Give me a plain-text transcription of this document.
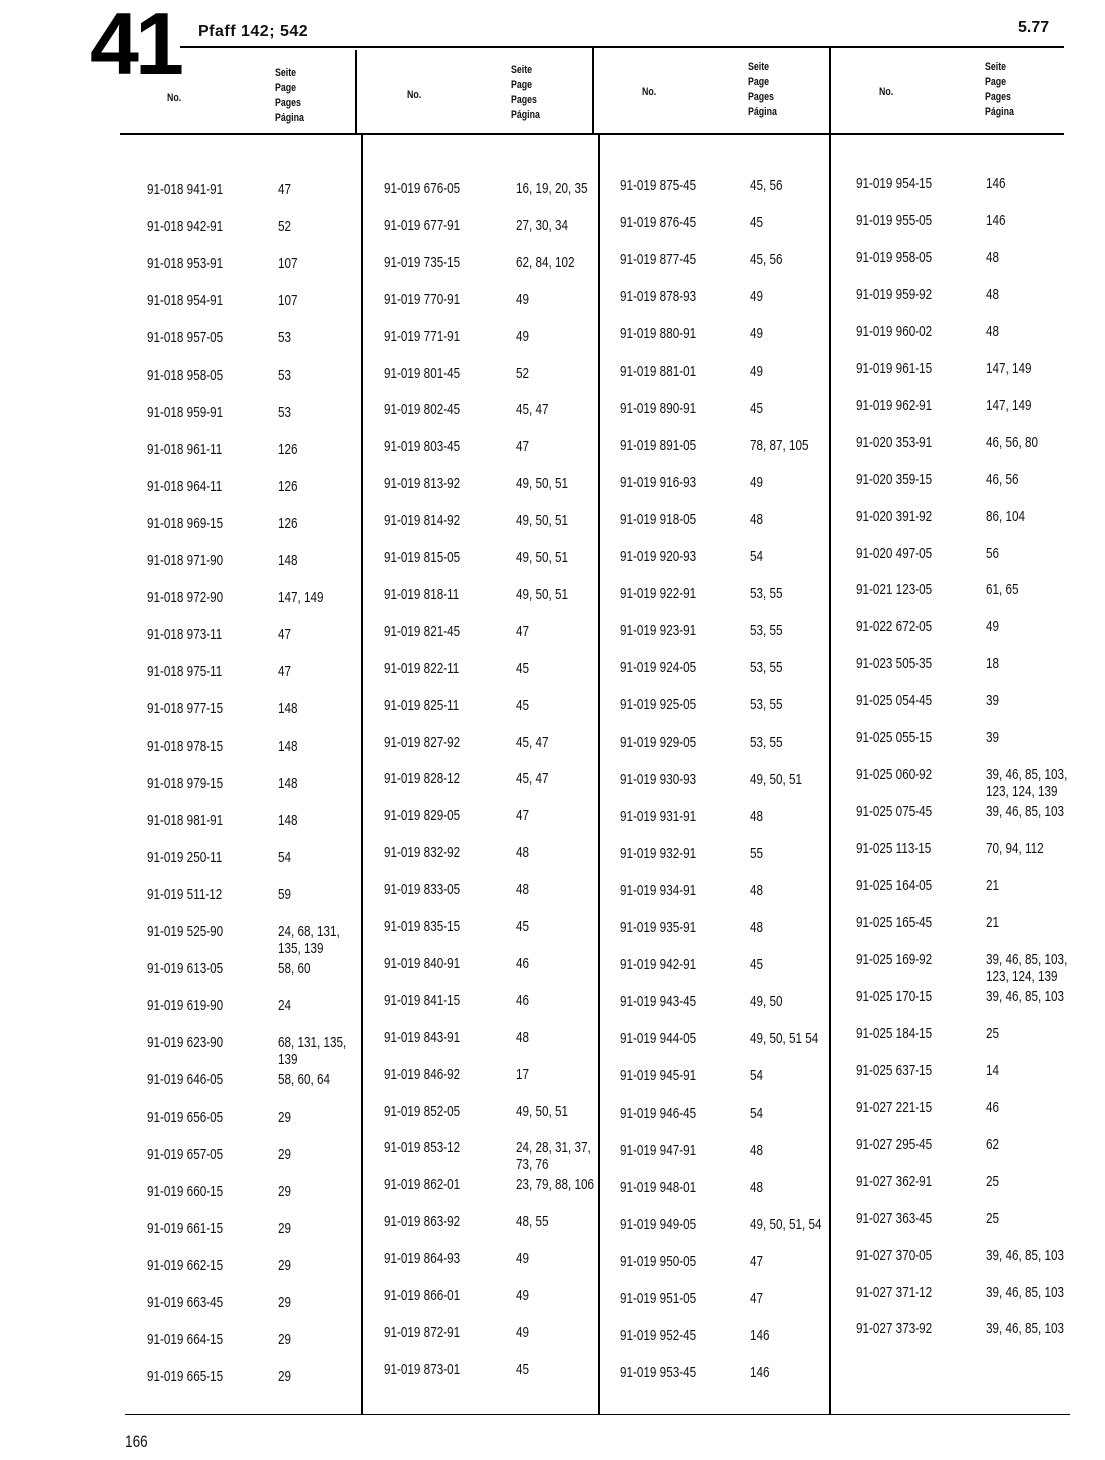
41 Pfaff 142; 542	5.77
No.
Seite
Page
Pages
Página
No.
Seite
Page
Pages
Página
No.
Seite
Page
Pages
Página
No.
Seite
Page
Pages
Página
91-018 941-91	47
91-018 942-91	52
91-018 953-91	107
91-018 954-91	107
91-018 957-05	53
91-018 958-05	53
91-018 959-91	53
91-018 961-11	126
91-018 964-11	126
91-018 969-15	126
91-018 971-90	148
91-018 972-90	147, 149
91-018 973-11	47
91-018 975-11	47
91-018 977-15	148
91-018 978-15	148
91-018 979-15	148
91-018 981-91	148
91-019 250-11	54
91-019 511-12	59
91-019 525-90	24, 68, 131, 135, 139
91-019 613-05	58, 60
91-019 619-90	24
91-019 623-90	68, 131, 135, 139
91-019 646-05	58, 60, 64
91-019 656-05	29
91-019 657-05	29
91-019 660-15	29
91-019 661-15	29
91-019 662-15	29
91-019 663-45	29
91-019 664-15	29
91-019 665-15	29
91-019 676-05	16, 19, 20, 35
91-019 677-91	27, 30, 34
91-019 735-15	62, 84, 102
91-019 770-91	49
91-019 771-91	49
91-019 801-45	52
91-019 802-45	45, 47
91-019 803-45	47
91-019 813-92	49, 50, 51
91-019 814-92	49, 50, 51
91-019 815-05	49, 50, 51
91-019 818-11	49, 50, 51
91-019 821-45	47
91-019 822-11	45
91-019 825-11	45
91-019 827-92	45, 47
91-019 828-12	45, 47
91-019 829-05	47
91-019 832-92	48
91-019 833-05	48
91-019 835-15	45
91-019 840-91	46
91-019 841-15	46
91-019 843-91	48
91-019 846-92	17
91-019 852-05	49, 50, 51
91-019 853-12	24, 28, 31, 37, 73, 76
91-019 862-01	23, 79, 88, 106
91-019 863-92	48, 55
91-019 864-93	49
91-019 866-01	49
91-019 872-91	49
91-019 873-01	45
91-019 875-45	45, 56
91-019 876-45	45
91-019 877-45	45, 56
91-019 878-93	49
91-019 880-91	49
91-019 881-01	49
91-019 890-91	45
91-019 891-05	78, 87, 105
91-019 916-93	49
91-019 918-05	48
91-019 920-93	54
91-019 922-91	53, 55
91-019 923-91	53, 55
91-019 924-05	53, 55
91-019 925-05	53, 55
91-019 929-05	53, 55
91-019 930-93	49, 50, 51
91-019 931-91	48
91-019 932-91	55
91-019 934-91	48
91-019 935-91	48
91-019 942-91	45
91-019 943-45	49, 50
91-019 944-05	49, 50, 51 54
91-019 945-91	54
91-019 946-45	54
91-019 947-91	48
91-019 948-01	48
91-019 949-05	49, 50, 51, 54
91-019 950-05	47
91-019 951-05	47
91-019 952-45	146
91-019 953-45	146
91-019 954-15	146
91-019 955-05	146
91-019 958-05	48
91-019 959-92	48
91-019 960-02	48
91-019 961-15	147, 149
91-019 962-91	147, 149
91-020 353-91	46, 56, 80
91-020 359-15	46, 56
91-020 391-92	86, 104
91-020 497-05	56
91-021 123-05	61, 65
91-022 672-05	49
91-023 505-35	18
91-025 054-45	39
91-025 055-15	39
91-025 060-92	39, 46, 85, 103, 123, 124, 139
91-025 075-45	39, 46, 85, 103
91-025 113-15	70, 94, 112
91-025 164-05	21
91-025 165-45	21
91-025 169-92	39, 46, 85, 103, 123, 124, 139
91-025 170-15	39, 46, 85, 103
91-025 184-15	25
91-025 637-15	14
91-027 221-15	46
91-027 295-45	62
91-027 362-91	25
91-027 363-45	25
91-027 370-05	39, 46, 85, 103
91-027 371-12	39, 46, 85, 103
91-027 373-92	39, 46, 85, 103
166
